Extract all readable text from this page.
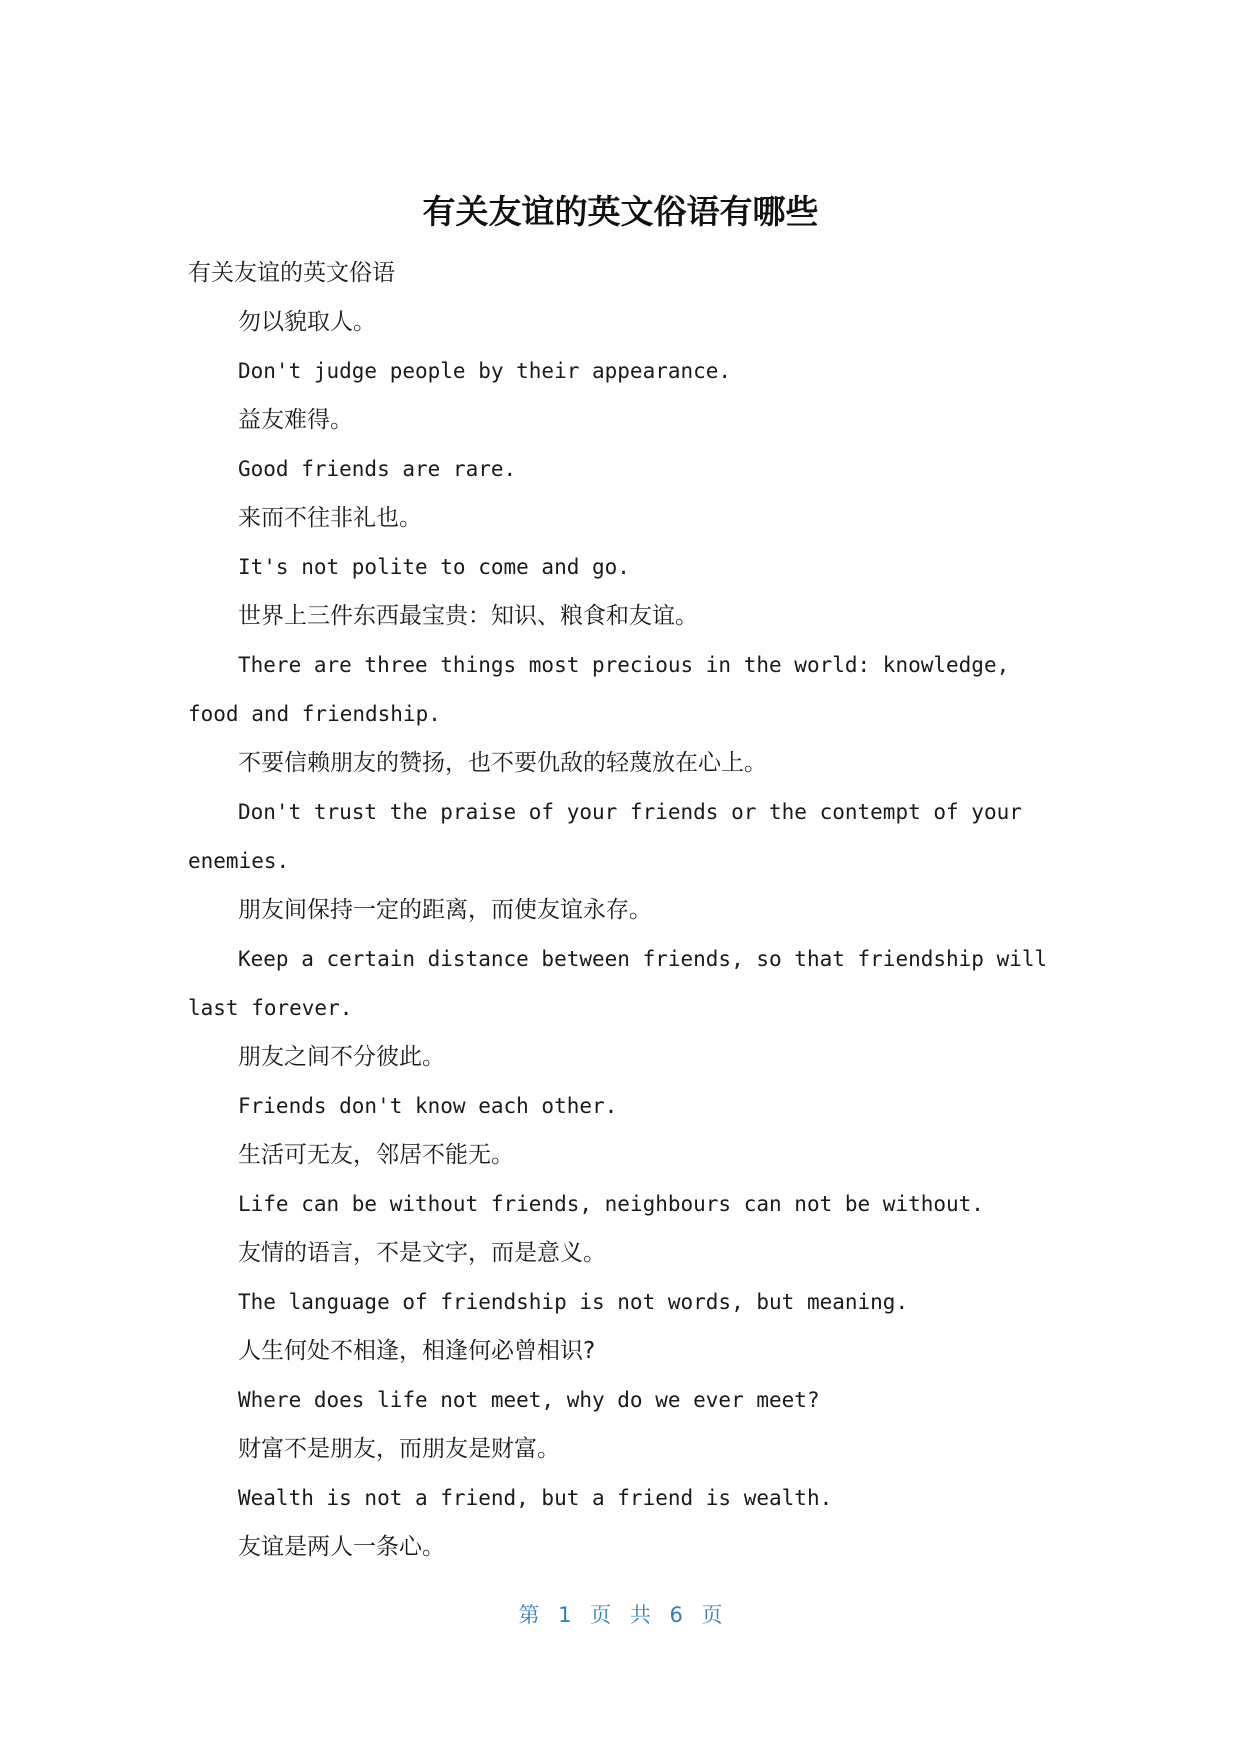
有关友谊的英文俗语有哪些

有关友谊的英文俗语

勿以貌取人。

Don't judge people by their appearance.

益友难得。

Good friends are rare.

来而不往非礼也。

It's not polite to come and go.

世界上三件东西最宝贵：知识、粮食和友谊。

There are three things most precious in the world: knowledge,

food and friendship.

不要信赖朋友的赞扬，也不要仇敌的轻蔑放在心上。

Don't trust the praise of your friends or the contempt of your

enemies.

朋友间保持一定的距离，而使友谊永存。

Keep a certain distance between friends, so that friendship will

last forever.

朋友之间不分彼此。

Friends don't know each other.

生活可无友，邻居不能无。

Life can be without friends, neighbours can not be without.

友情的语言，不是文字，而是意义。

The language of friendship is not words, but meaning.

人生何处不相逢，相逢何必曾相识?

Where does life not meet, why do we ever meet?

财富不是朋友，而朋友是财富。

Wealth is not a friend, but a friend is wealth.

友谊是两人一条心。

第 1 页 共 6 页
